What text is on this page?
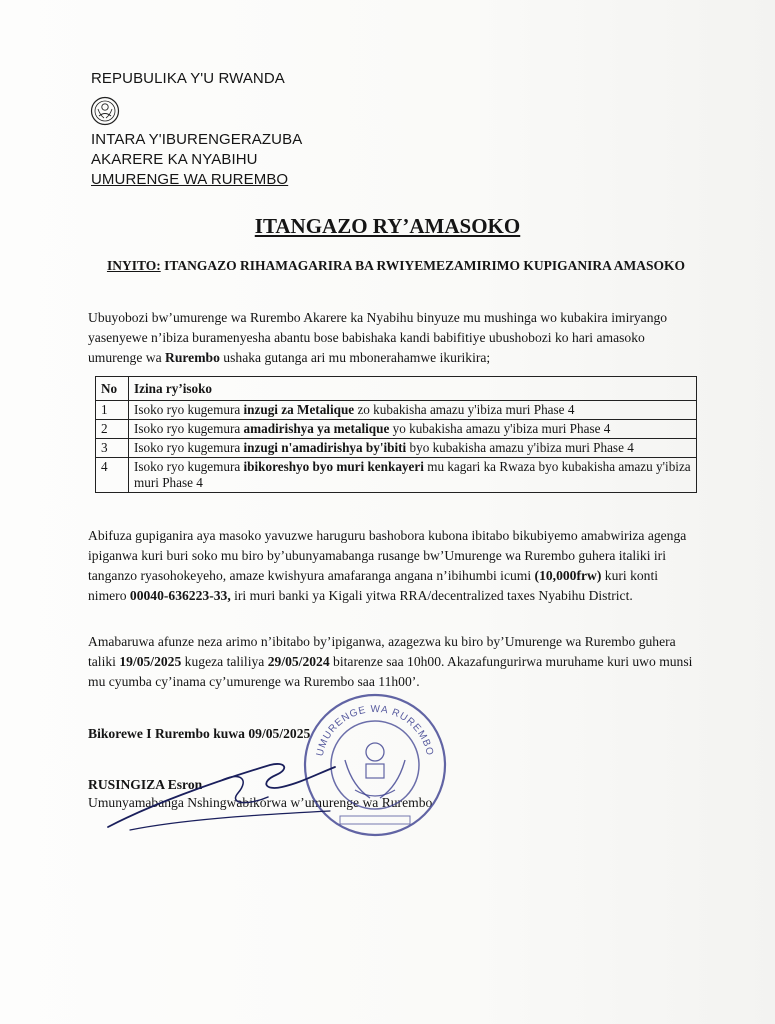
REPUBULIKA Y'U RWANDA
INTARA Y'IBURENGERAZUBA
AKARERE KA NYABIHU
UMURENGE WA RUREMBO
ITANGAZO RY’AMASOKO
INYITO: ITANGAZO RIHAMAGARIRA BA RWIYEMEZAMIRIMO KUPIGANIRA AMASOKO
Ubuyobozi bw’umurenge wa Rurembo Akarere ka Nyabihu binyuze mu mushinga wo kubakira imiryango yasenyewe n’ibiza buramenyesha abantu bose babishaka kandi babifitiye ubushobozi ko hari amasoko umurenge wa Rurembo ushaka gutanga ari mu mbonerahamwe ikurikira;
No	Izina ry’isoko
1	Isoko ryo kugemura inzugi za Metalique zo kubakisha amazu y'ibiza muri Phase 4
2	Isoko ryo kugemura amadirishya ya metalique yo kubakisha amazu y'ibiza muri Phase 4
3	Isoko ryo kugemura inzugi n'amadirishya by'ibiti byo kubakisha amazu y'ibiza muri Phase 4
4	Isoko ryo kugemura ibikoreshyo byo muri kenkayeri mu kagari ka Rwaza byo kubakisha amazu y'ibiza muri Phase 4
Abifuza gupiganira aya masoko yavuzwe haruguru bashobora kubona ibitabo bikubiyemo amabwiriza agenga ipiganwa kuri buri soko mu biro by’ubunyamabanga rusange bw’Umurenge wa Rurembo guhera italiki iri tanganzo ryasohokeyeho, amaze kwishyura amafaranga angana n’ibihumbi icumi (10,000frw) kuri konti nimero 00040-636223-33, iri muri banki ya Kigali yitwa RRA/decentralized taxes Nyabihu District.
Amabaruwa afunze neza arimo n’ibitabo by’ipiganwa, azagezwa ku biro by’Umurenge wa Rurembo guhera taliki 19/05/2025 kugeza taliliya 29/05/2024 bitarenze saa 10h00. Akazafungurirwa muruhame kuri uwo munsi mu cyumba cy’inama cy’umurenge wa Rurembo saa 11h00’.
Bikorewe I Rurembo kuwa 09/05/2025
RUSINGIZA Esron
Umunyamabanga Nshingwabikorwa w’umurenge wa Rurembo
UMURENGE WA RUREMBO
